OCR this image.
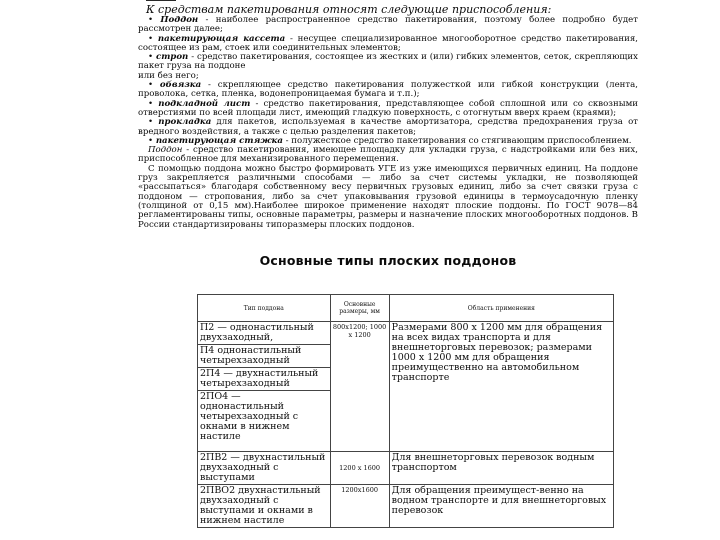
К средствам пакетирования относят следующие приспособления:

• Поддон - наиболее распространенное средство пакетирования, поэтому более подробно будет рассмотрен далее;

• пакетирующая кассета - несущее специализированное многооборотное средство пакетирования, состоящее из рам, стоек или соединительных элементов;

• строп - средство пакетирования, состоящее из жестких и (или) гибких элементов, сеток, скрепляющих пакет груза на поддоне

или без него;

• обвязка - скрепляющее средство пакетирования полужесткой или гибкой конструкции (лента, проволока, сетка, пленка, водонепроницаемая бумага и т.п.);

• подкладной лист - средство пакетирования, представляющее собой сплошной или со сквозными отверстиями по всей площади лист, имеющий гладкую поверхность, с отогнутым вверх краем (краями);

• прокладка для пакетов, используемая в качестве амортизатора, средства предохранения груза от вредного воздействия, а также с целью разделения пакетов;

• пакетирующая стяжка - полужесткое средство пакетирования со стягивающим приспособлением.

Поддон - средство пакетирования, имеющее площадку для укладки груза, с надстройками или без них, приспособленное для механизированного перемещения.

С помощью поддона можно быстро формировать УГЕ из уже имеющихся первичных единиц. На поддоне груз закрепляется различными способами — либо за счет системы укладки, не позволяющей «рассыпаться» благодаря собственному весу первичных грузовых единиц, либо за счет связки груза с поддоном — стропования, либо за счет упаковывания грузовой единицы в термоусадочную пленку (толщиной от 0,15 мм).Наиболее широкое применение находят плоские поддоны. По ГОСТ 9078—84 регламентированы типы, основные параметры, размеры и назначение плоских многооборотных поддонов. В России стандартизированы типоразмеры плоских поддонов.

Основные типы плоских поддонов
Тип поддона	Основные размеры, мм	Область применения
П2 — однонастильный двухзаходный,	800х1200; 1000 х 1200	Размерами 800 х 1200 мм для обращения на всех видах транспорта и для внешнеторговых перевозок; размерами 1000 х 1200 мм для обращения преимущественно на автомобильном транспорте
П4 однонастильный четырехзаходный		
2П4 — двухнастильный четырехзаходный		
2ПО4 — однонастильный четырехзаходный с окнами в нижнем настиле		
2ПВ2 — двухнастильный двухзаходный с выступами	1200 х 1600	Для внешнеторговых перевозок водным транспортом
2ПВО2 двухнастильный двухзаходный с выступами и окнами в нижнем настиле	1200х1600	Для обращения преимущест-венно на водном транспорте и для внешнеторговых перевозок
